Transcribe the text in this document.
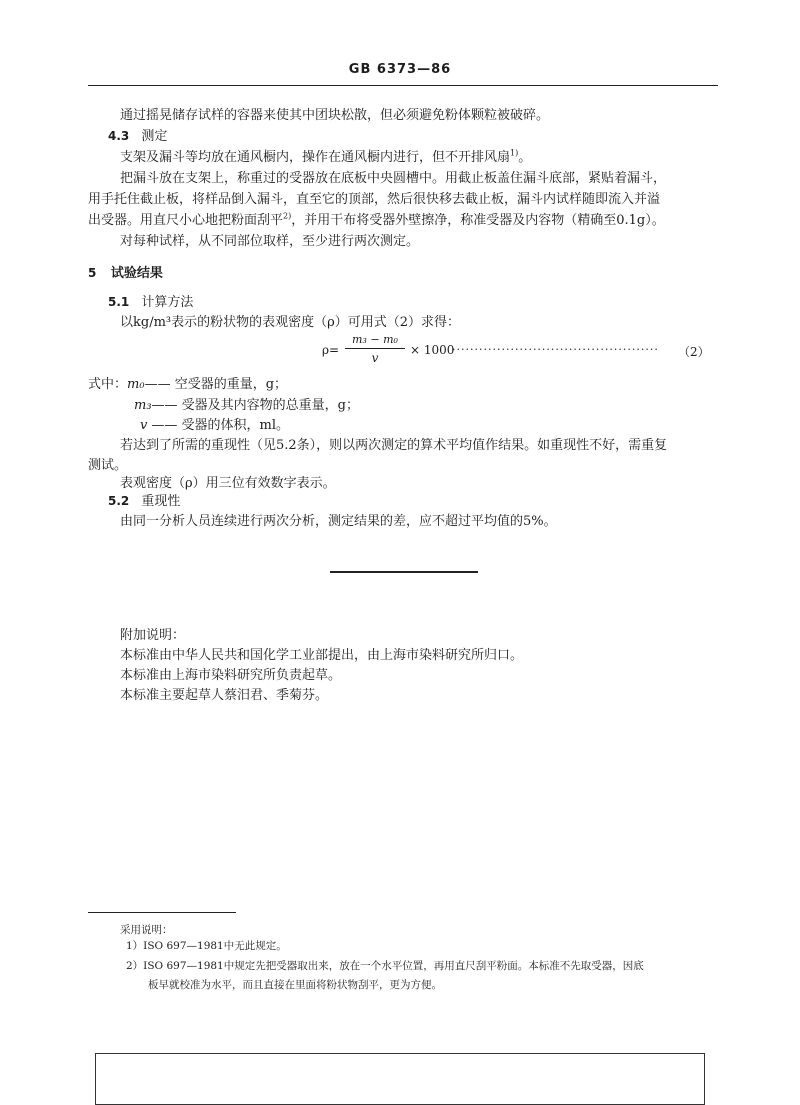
GB 6373—86
通过摇晃储存试样的容器来使其中团块松散，但必须避免粉体颗粒被破碎。
4.3 测定
支架及漏斗等均放在通风橱内，操作在通风橱内进行，但不开排风扇$^{1)}$。
把漏斗放在支架上，称重过的受器放在底板中央圆槽中。用截止板盖住漏斗底部，紧贴着漏斗，
用手托住截止板，将样品倒入漏斗，直至它的顶部，然后很快移去截止板，漏斗内试样随即流入并溢
出受器。用直尺小心地把粉面刮平$^{2)}$，并用干布将受器外壁擦净，称准受器及内容物（精确至0.1g）。
对每种试样，从不同部位取样，至少进行两次测定。
5 试验结果
5.1 计算方法
以kg/m³表示的粉状物的表观密度（ρ）可用式（2）求得：
ρ=
m₃ − m₀
v
× 1000
·············································· （2）
式中：m₀—— 空受器的重量，g；
m₃—— 受器及其内容物的总重量，g；
v —— 受器的体积，ml。
若达到了所需的重现性（见5.2条），则以两次测定的算术平均值作结果。如重现性不好，需重复
测试。
表观密度（ρ）用三位有效数字表示。
5.2 重现性
由同一分析人员连续进行两次分析，测定结果的差，应不超过平均值的5%。
附加说明：
本标准由中华人民共和国化学工业部提出，由上海市染料研究所归口。
本标准由上海市染料研究所负责起草。
本标准主要起草人蔡汨君、季菊芬。
采用说明：
1）ISO 697—1981中无此规定。
2）ISO 697—1981中规定先把受器取出来，放在一个水平位置，再用直尺刮平粉面。本标准不先取受器，因底
板早就校准为水平，而且直接在里面将粉状物刮平，更为方便。
